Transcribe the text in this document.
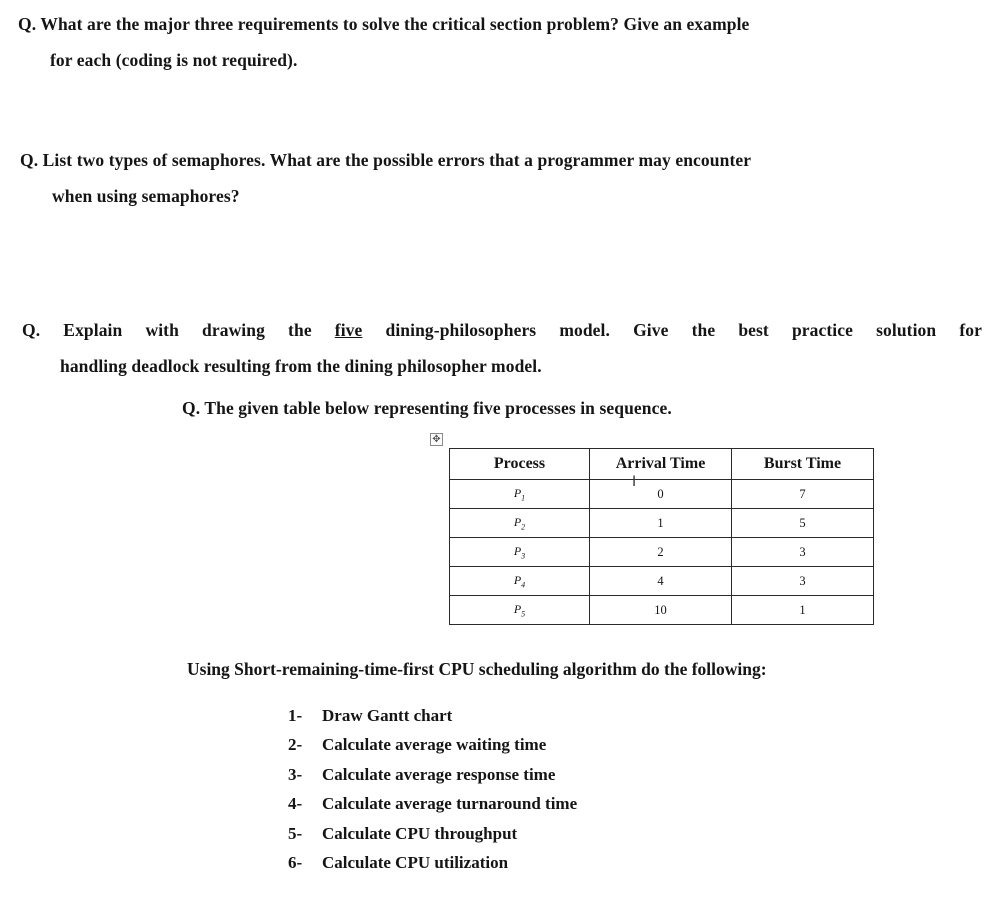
Q. What are the major three requirements to solve the critical section problem? Give an example
for each (coding is not required).
Q. List two types of semaphores. What are the possible errors that a programmer may encounter
when using semaphores?
Q. Explain with drawing the five dining-philosophers model. Give the best practice solution for
handling deadlock resulting from the dining philosopher model.
Q. The given table below representing five processes in sequence.
✥
Process	Arrival Time	Burst Time
$P_1$	0	7
$P_2$	1	5
$P_3$	2	3
$P_4$	4	3
$P_5$	10	1
I
Using Short-remaining-time-first CPU scheduling algorithm do the following:
1- Draw Gantt chart
2- Calculate average waiting time
3- Calculate average response time
4- Calculate average turnaround time
5- Calculate CPU throughput
6- Calculate CPU utilization
